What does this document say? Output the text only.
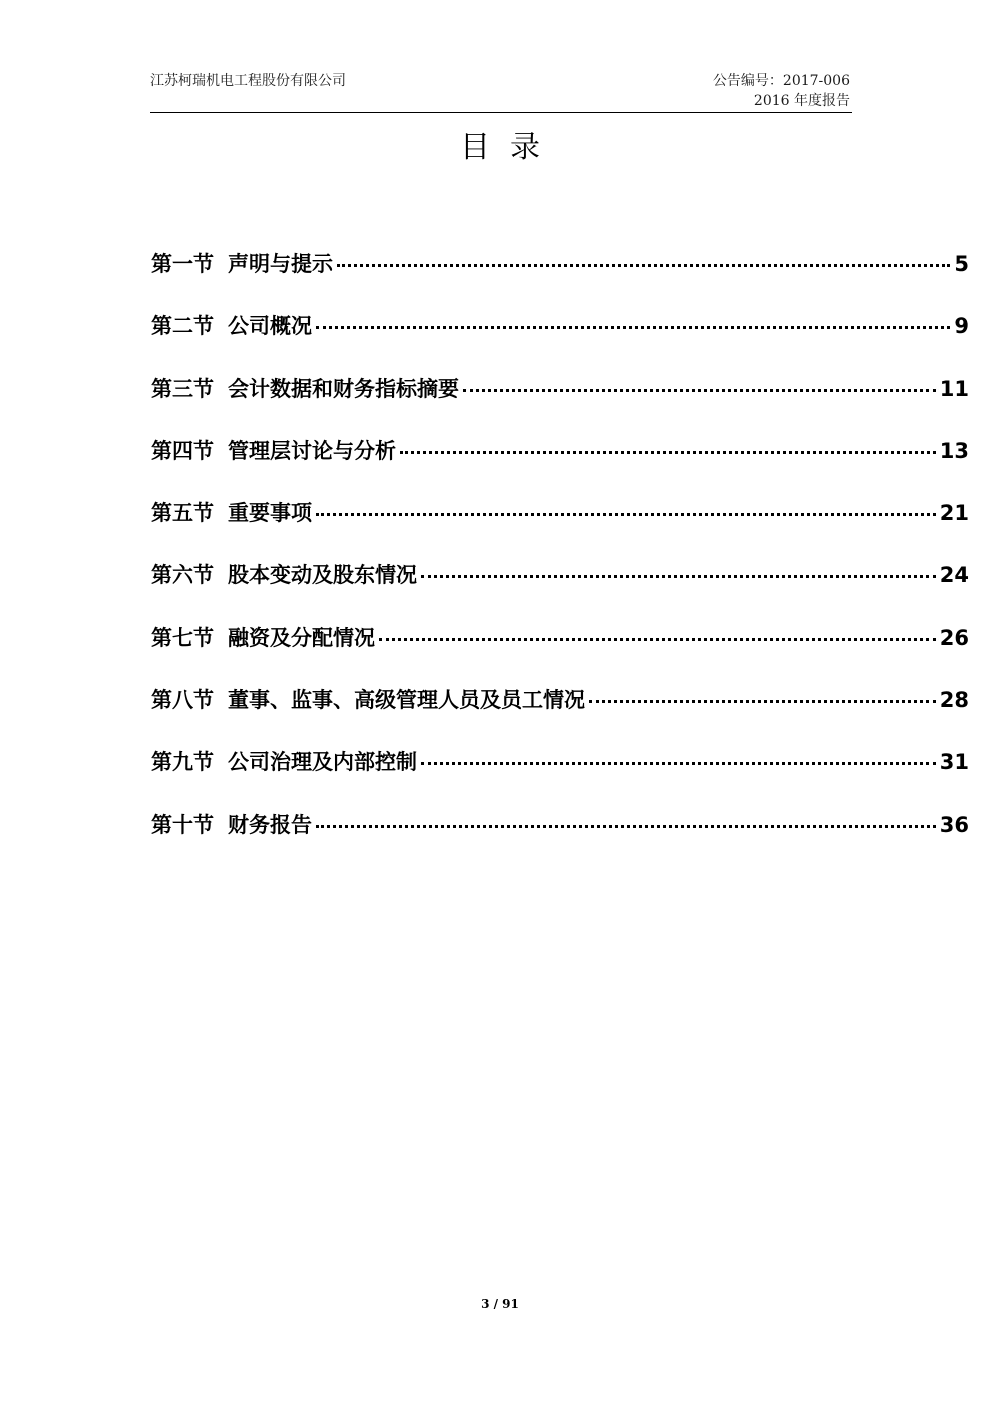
江苏柯瑞机电工程股份有限公司	公告编号：2017-006
2016 年度报告
目录
第一节 声明与提示	5
第二节 公司概况	9
第三节 会计数据和财务指标摘要	11
第四节 管理层讨论与分析	13
第五节 重要事项	21
第六节 股本变动及股东情况	24
第七节 融资及分配情况	26
第八节 董事、监事、高级管理人员及员工情况	28
第九节 公司治理及内部控制	31
第十节 财务报告	36
3 / 91
